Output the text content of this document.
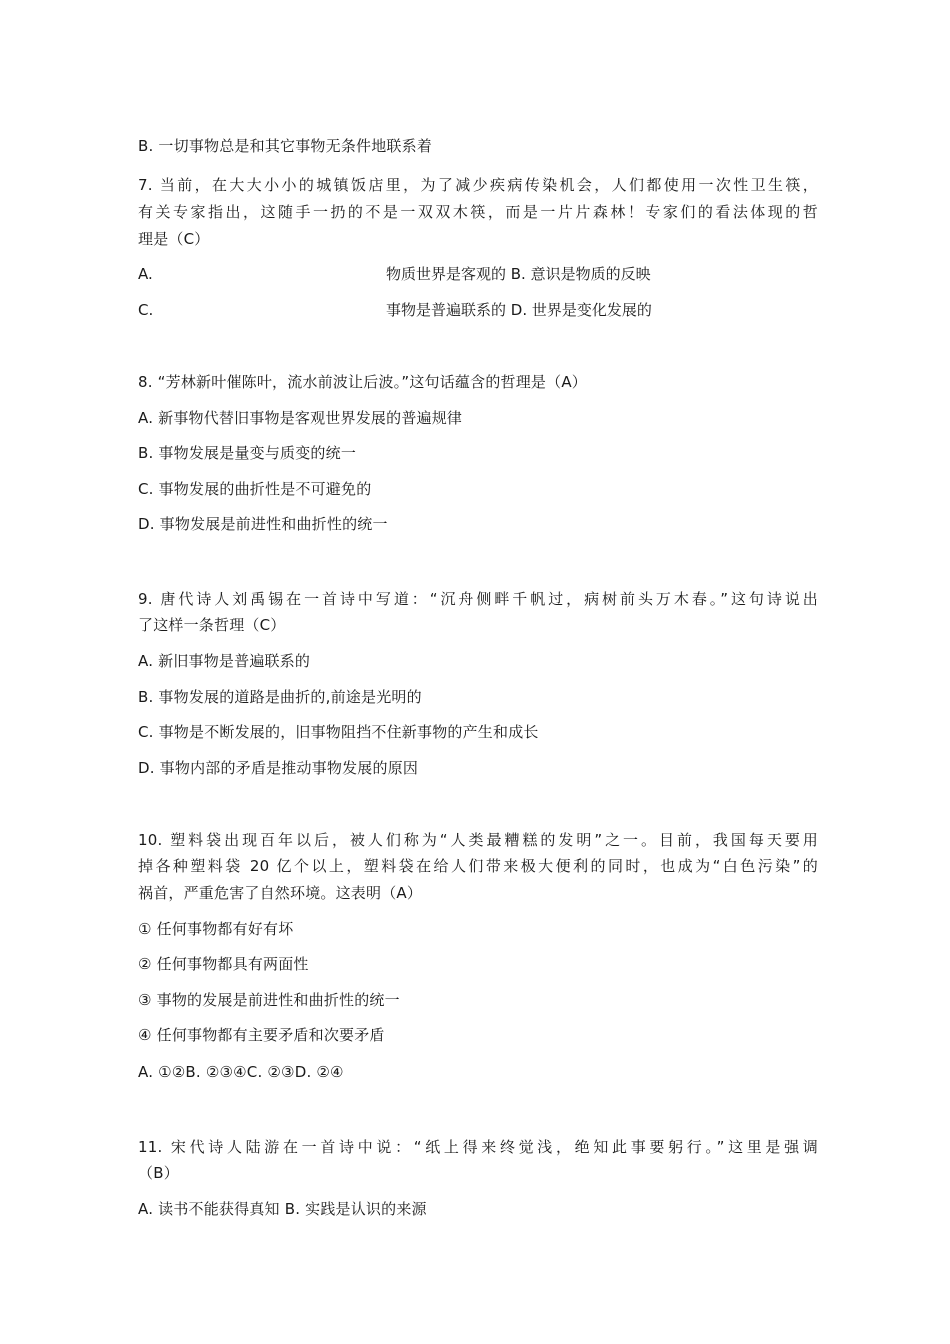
B. 一切事物总是和其它事物无条件地联系着
7. 当前，在大大小小的城镇饭店里，为了减少疾病传染机会，人们都使用一次性卫生筷，
有关专家指出，这随手一扔的不是一双双木筷，而是一片片森林！专家们的看法体现的哲
理是（C）
A.	物质世界是客观的 B. 意识是物质的反映
C.	事物是普遍联系的 D. 世界是变化发展的
8. “芳林新叶催陈叶，流水前波让后波。”这句话蕴含的哲理是（A）
A. 新事物代替旧事物是客观世界发展的普遍规律
B. 事物发展是量变与质变的统一
C. 事物发展的曲折性是不可避免的
D. 事物发展是前进性和曲折性的统一
9. 唐代诗人刘禹锡在一首诗中写道：“沉舟侧畔千帆过，病树前头万木春。”这句诗说出
了这样一条哲理（C）
A. 新旧事物是普遍联系的
B. 事物发展的道路是曲折的,前途是光明的
C. 事物是不断发展的，旧事物阻挡不住新事物的产生和成长
D. 事物内部的矛盾是推动事物发展的原因
10. 塑料袋出现百年以后，被人们称为“人类最糟糕的发明”之一。目前，我国每天要用
掉各种塑料袋 20 亿个以上，塑料袋在给人们带来极大便利的同时，也成为“白色污染”的
祸首，严重危害了自然环境。这表明（A）
① 任何事物都有好有坏
② 任何事物都具有两面性
③ 事物的发展是前进性和曲折性的统一
④ 任何事物都有主要矛盾和次要矛盾
A. ①②B. ②③④C. ②③D. ②④
11. 宋代诗人陆游在一首诗中说：“纸上得来终觉浅，绝知此事要躬行。”这里是强调
（B）
A. 读书不能获得真知 B. 实践是认识的来源
